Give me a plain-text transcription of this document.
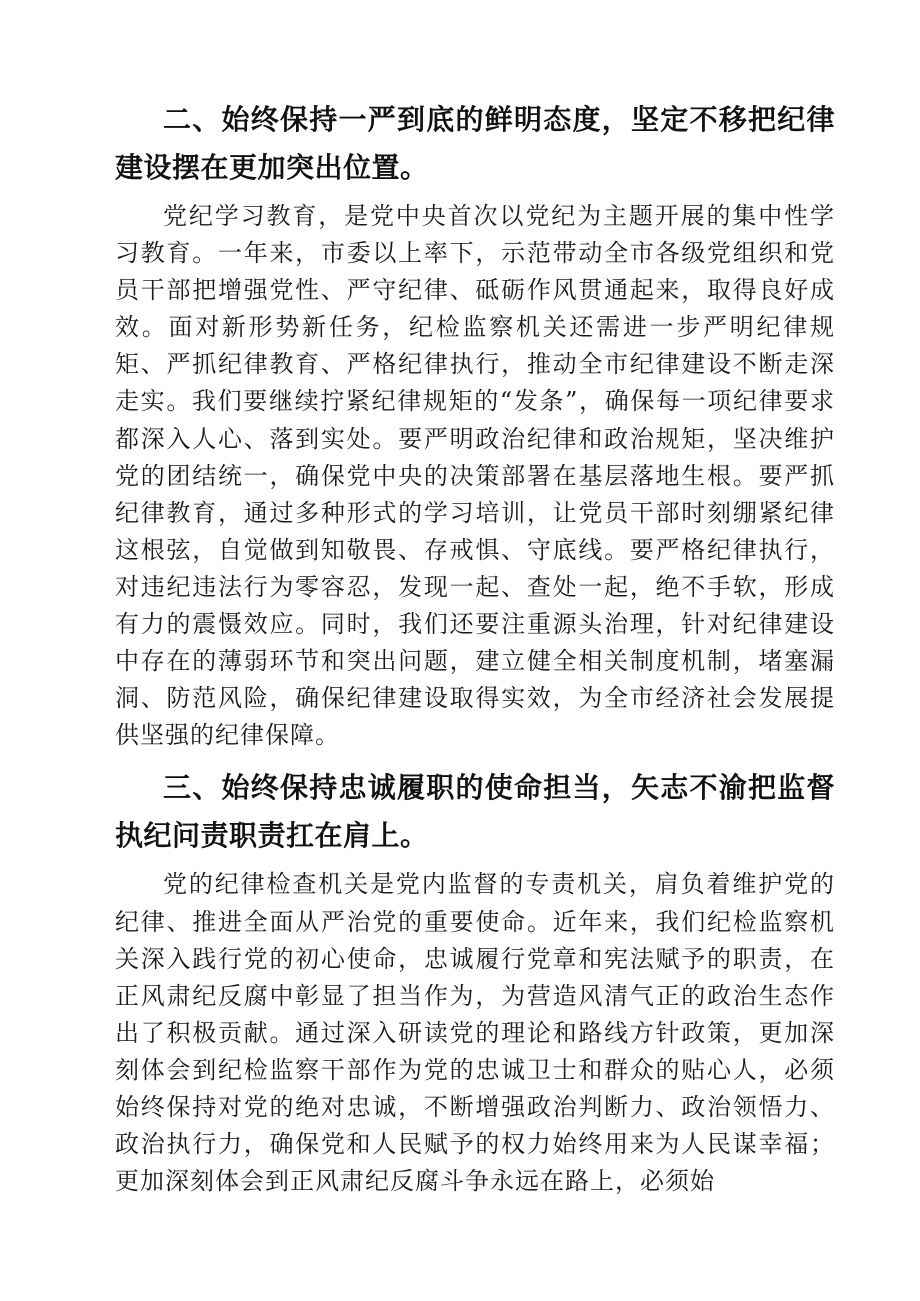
二、始终保持一严到底的鲜明态度，坚定不移把纪律建设摆在更加突出位置。

党纪学习教育，是党中央首次以党纪为主题开展的集中性学习教育。一年来，市委以上率下，示范带动全市各级党组织和党员干部把增强党性、严守纪律、砥砺作风贯通起来，取得良好成效。面对新形势新任务，纪检监察机关还需进一步严明纪律规矩、严抓纪律教育、严格纪律执行，推动全市纪律建设不断走深走实。我们要继续拧紧纪律规矩的“发条”，确保每一项纪律要求都深入人心、落到实处。要严明政治纪律和政治规矩，坚决维护党的团结统一，确保党中央的决策部署在基层落地生根。要严抓纪律教育，通过多种形式的学习培训，让党员干部时刻绷紧纪律这根弦，自觉做到知敬畏、存戒惧、守底线。要严格纪律执行，对违纪违法行为零容忍，发现一起、查处一起，绝不手软，形成有力的震慑效应。同时，我们还要注重源头治理，针对纪律建设中存在的薄弱环节和突出问题，建立健全相关制度机制，堵塞漏洞、防范风险，确保纪律建设取得实效，为全市经济社会发展提供坚强的纪律保障。

三、始终保持忠诚履职的使命担当，矢志不渝把监督执纪问责职责扛在肩上。

党的纪律检查机关是党内监督的专责机关，肩负着维护党的纪律、推进全面从严治党的重要使命。近年来，我们纪检监察机关深入践行党的初心使命，忠诚履行党章和宪法赋予的职责，在正风肃纪反腐中彰显了担当作为，为营造风清气正的政治生态作出了积极贡献。通过深入研读党的理论和路线方针政策，更加深刻体会到纪检监察干部作为党的忠诚卫士和群众的贴心人，必须始终保持对党的绝对忠诚，不断增强政治判断力、政治领悟力、政治执行力，确保党和人民赋予的权力始终用来为人民谋幸福；更加深刻体会到正风肃纪反腐斗争永远在路上，必须始
